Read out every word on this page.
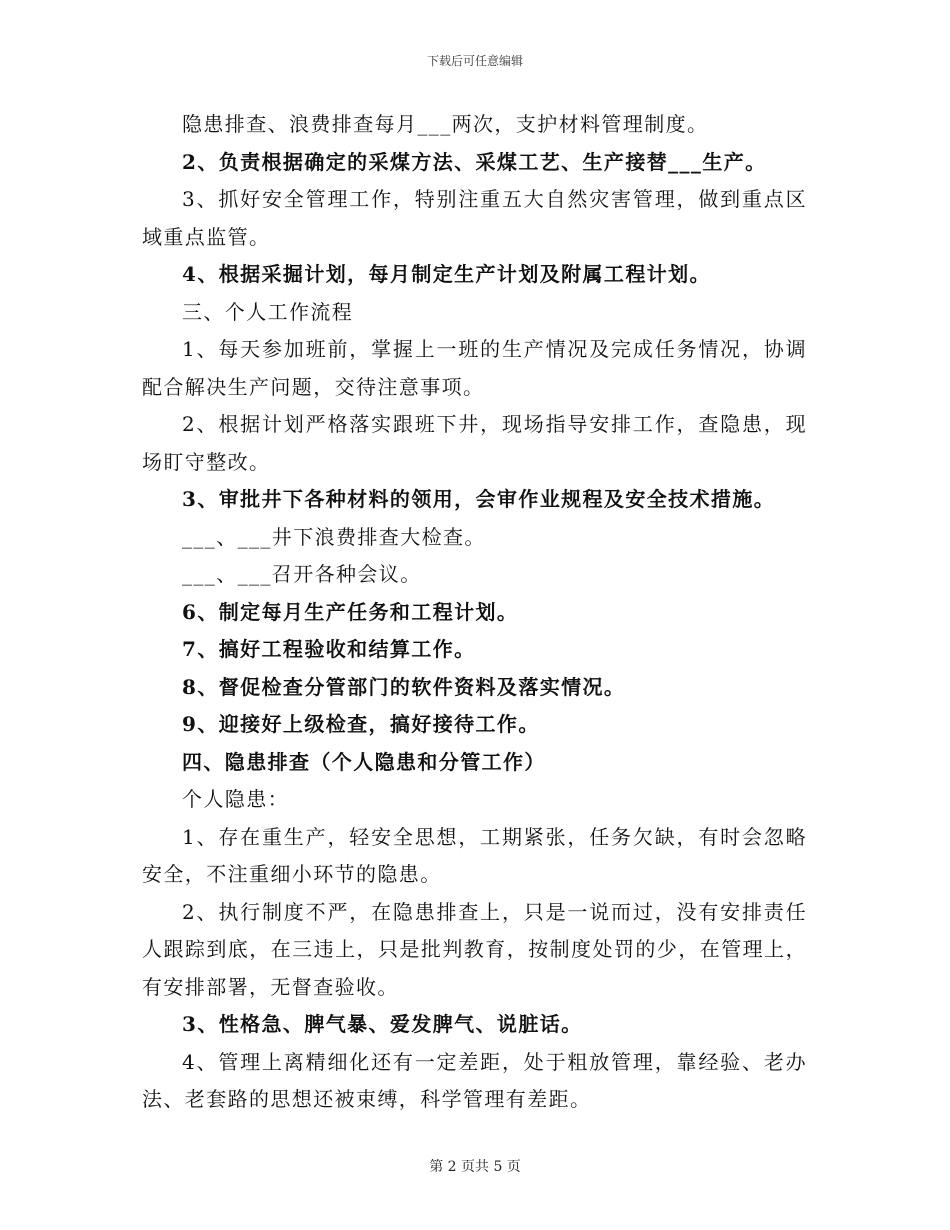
下载后可任意编辑

隐患排查、浪费排查每月___两次，支护材料管理制度。

2、负责根据确定的采煤方法、采煤工艺、生产接替___生产。

3、抓好安全管理工作，特别注重五大自然灾害管理，做到重点区域重点监管。

4、根据采掘计划，每月制定生产计划及附属工程计划。

三、个人工作流程

1、每天参加班前，掌握上一班的生产情况及完成任务情况，协调配合解决生产问题，交待注意事项。

2、根据计划严格落实跟班下井，现场指导安排工作，查隐患，现场盯守整改。

3、审批井下各种材料的领用，会审作业规程及安全技术措施。

___、___井下浪费排查大检查。

___、___召开各种会议。

6、制定每月生产任务和工程计划。

7、搞好工程验收和结算工作。

8、督促检查分管部门的软件资料及落实情况。

9、迎接好上级检查，搞好接待工作。

四、隐患排查（个人隐患和分管工作）

个人隐患：

1、存在重生产，轻安全思想，工期紧张，任务欠缺，有时会忽略安全，不注重细小环节的隐患。

2、执行制度不严，在隐患排查上，只是一说而过，没有安排责任人跟踪到底，在三违上，只是批判教育，按制度处罚的少，在管理上，有安排部署，无督查验收。

3、性格急、脾气暴、爱发脾气、说脏话。

4、管理上离精细化还有一定差距，处于粗放管理，靠经验、老办法、老套路的思想还被束缚，科学管理有差距。

第 2 页共 5 页
